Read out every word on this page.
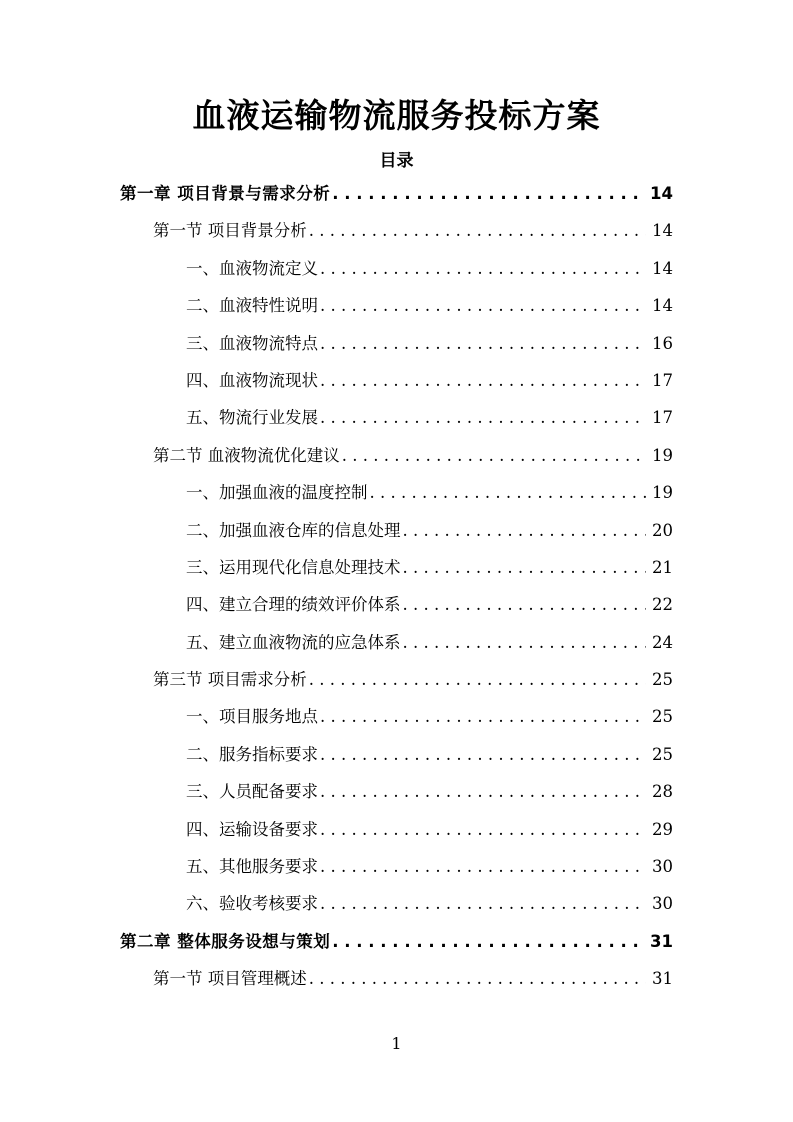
血液运输物流服务投标方案
目录
第一章 项目背景与需求分析 . . .	14
第一节 项目背景分析 . . .	14
一、血液物流定义 . . .	14
二、血液特性说明 . . .	14
三、血液物流特点 . . .	16
四、血液物流现状 . . .	17
五、物流行业发展 . . .	17
第二节 血液物流优化建议 . . .	19
一、加强血液的温度控制 . . .	19
二、加强血液仓库的信息处理 . . .	20
三、运用现代化信息处理技术 . . .	21
四、建立合理的绩效评价体系 . . .	22
五、建立血液物流的应急体系 . . .	24
第三节 项目需求分析 . . .	25
一、项目服务地点 . . .	25
二、服务指标要求 . . .	25
三、人员配备要求 . . .	28
四、运输设备要求 . . .	29
五、其他服务要求 . . .	30
六、验收考核要求 . . .	30
第二章 整体服务设想与策划 . . .	31
第一节 项目管理概述 . . .	31
1
